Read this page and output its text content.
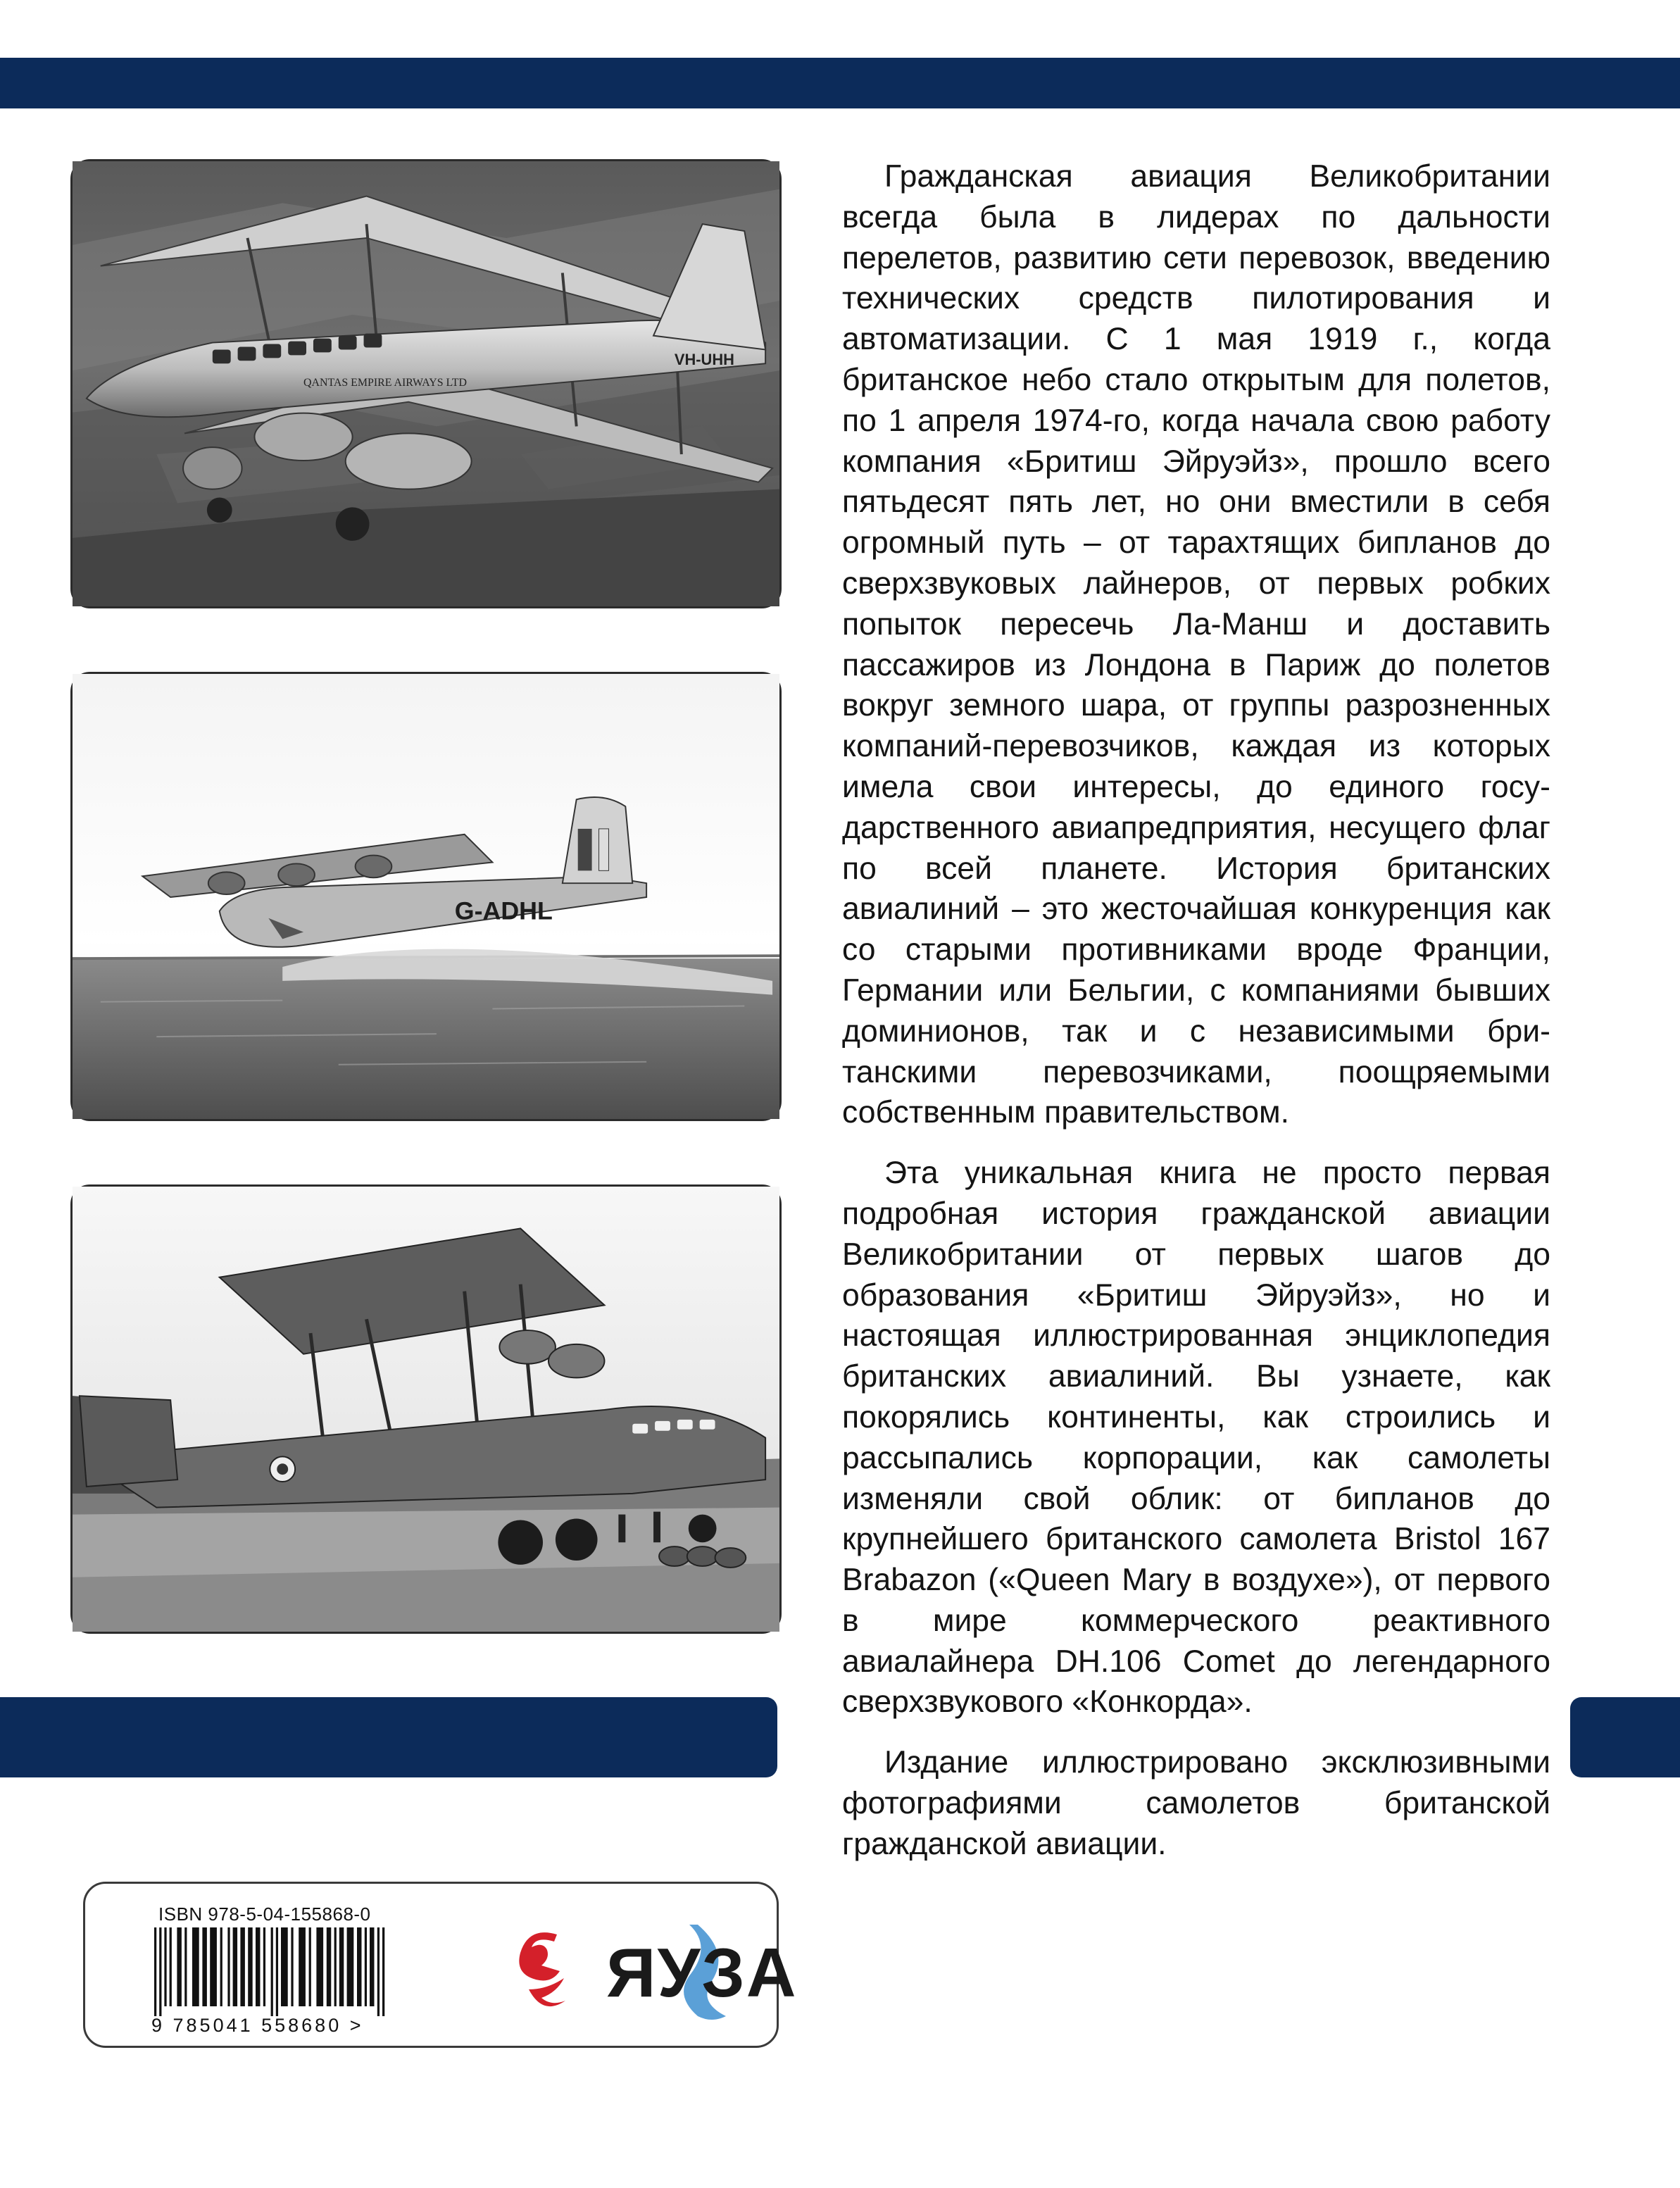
QANTAS EMPIRE AIRWAYS LTD
VH-UHH
G-ADHL

Гражданская авиация Великобритании всегда была в лидерах по дальности перелетов, развитию сети перевозок, введению технических средств пилотирования и автоматизации. С 1 мая 1919 г., когда британское небо стало открытым для полетов, по 1 апреля 1974-го, когда начала свою работу компания «Бритиш Эйруэйз», прошло всего пятьдесят пять лет, но они вместили в себя огромный путь – от тарахтящих бипланов до сверхзвуковых лайнеров, от первых робких попыток пересечь Ла-Манш и доставить пассажиров из Лондона в Париж до полетов вокруг земного шара, от группы разрозненных компаний-перевозчиков, каждая из которых имела свои интересы, до единого государственного авиапредприятия, несущего флаг по всей планете. История британских авиалиний – это жесточайшая конкуренция как со старыми противниками вроде Франции, Германии или Бельгии, с компаниями бывших доминионов, так и с независимыми британскими перевозчиками, поощряемыми собственным правительством.

Эта уникальная книга не просто первая подробная история гражданской авиации Великобритании от первых шагов до образования «Бритиш Эйруэйз», но и настоящая иллюстрированная энциклопедия британских авиалиний. Вы узнаете, как покорялись континенты, как строились и рассыпались корпорации, как самолеты изменяли свой облик: от бипланов до крупнейшего британского самолета Bristol 167 Brabazon («Queen Mary в воздухе»), от первого в мире коммерческого реактивного авиалайнера DH.106 Comet до легендарного сверхзвукового «Конкорда».

Издание иллюстрировано эксклюзивными фотографиями самолетов британской гражданской авиации.

ISBN 978-5-04-155868-0
9 785041 558680 >
ЯУЗА
